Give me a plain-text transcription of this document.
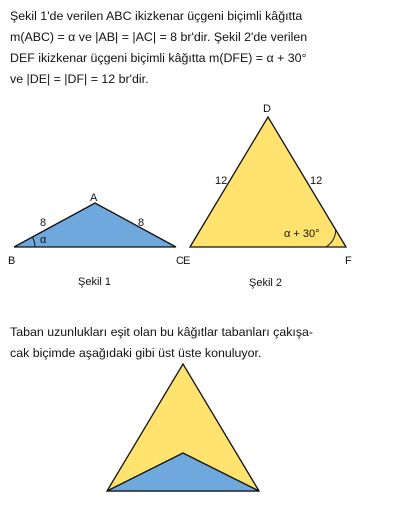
Şekil 1'de verilen ABC ikizkenar üçgeni biçimli kâğıtta
m(ABC) = α ve |AB| = |AC| = 8 br'dir. Şekil 2'de verilen
DEF ikizkenar üçgeni biçimli kâğıtta m(DFE) = α + 30°
ve |DE| = |DF| = 12 br'dir.
α
A
B	C
8	8
Şekil 1
α + 30°
D
E	F
12	12
Şekil 2
Taban uzunlukları eşit olan bu kâğıtlar tabanları çakışa-
cak biçimde aşağıdaki gibi üst üste konuluyor.
